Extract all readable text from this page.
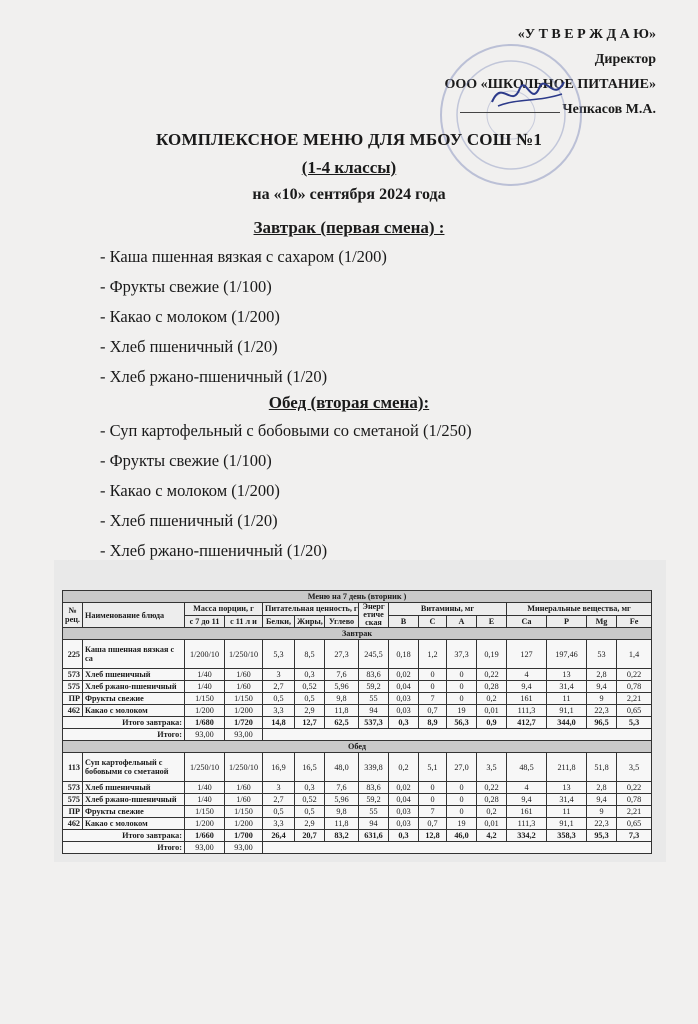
«У Т В Е Р Ж Д А Ю»
Директор
ООО «ШКОЛЬНОЕ ПИТАНИЕ»
Чепкасов М.А.
КОМПЛЕКСНОЕ МЕНЮ ДЛЯ МБОУ СОШ №1
(1-4 классы)
на «10» сентября 2024 года
Завтрак (первая смена) :
- Каша пшенная вязкая с сахаром (1/200)
- Фрукты свежие (1/100)
- Какао с молоком (1/200)
- Хлеб пшеничный (1/20)
- Хлеб ржано-пшеничный (1/20)
Обед (вторая смена):
- Суп картофельный с бобовыми со сметаной (1/250)
- Фрукты свежие (1/100)
- Какао с молоком (1/200)
- Хлеб пшеничный (1/20)
- Хлеб ржано-пшеничный (1/20)
Меню на 7 день (вторник )															
№ рец.	Наименование блюда	Масса порции, г		Питательная ценность, г			Энерг етиче ская	Витамины, мг				Минеральные вещества, мг			
		с 7 до 11	с 11 л и	Белки,	Жиры,	Углево		В	С	А	Е	Са	Р	Mg	Fe
Завтрак															
225	Каша пшенная вязкая с са	1/200/10	1/250/10	5,3	8,5	27,3	245,5	0,18	1,2	37,3	0,19	127	197,46	53	1,4
573	Хлеб пшеничный	1/40	1/60	3	0,3	7,6	83,6	0,02	0	0	0,22	4	13	2,8	0,22
575	Хлеб ржано-пшеничный	1/40	1/60	2,7	0,52	5,96	59,2	0,04	0	0	0,28	9,4	31,4	9,4	0,78
ПР	Фрукты свежие	1/150	1/150	0,5	0,5	9,8	55	0,03	7	0	0,2	161	11	9	2,21
462	Какао с молоком	1/200	1/200	3,3	2,9	11,8	94	0,03	0,7	19	0,01	111,3	91,1	22,3	0,65
Итого завтрака:		1/680	1/720	14,8	12,7	62,5	537,3	0,3	8,9	56,3	0,9	412,7	344,0	96,5	5,3
Итого:		93,00	93,00												
Обед															
113	Суп картофельный с бобовыми со сметаной	1/250/10	1/250/10	16,9	16,5	48,0	339,8	0,2	5,1	27,0	3,5	48,5	211,8	51,8	3,5
573	Хлеб пшеничный	1/40	1/60	3	0,3	7,6	83,6	0,02	0	0	0,22	4	13	2,8	0,22
575	Хлеб ржано-пшеничный	1/40	1/60	2,7	0,52	5,96	59,2	0,04	0	0	0,28	9,4	31,4	9,4	0,78
ПР	Фрукты свежие	1/150	1/150	0,5	0,5	9,8	55	0,03	7	0	0,2	161	11	9	2,21
462	Какао с молоком	1/200	1/200	3,3	2,9	11,8	94	0,03	0,7	19	0,01	111,3	91,1	22,3	0,65
Итого завтрака:		1/660	1/700	26,4	20,7	83,2	631,6	0,3	12,8	46,0	4,2	334,2	358,3	95,3	7,3
Итого:		93,00	93,00												
